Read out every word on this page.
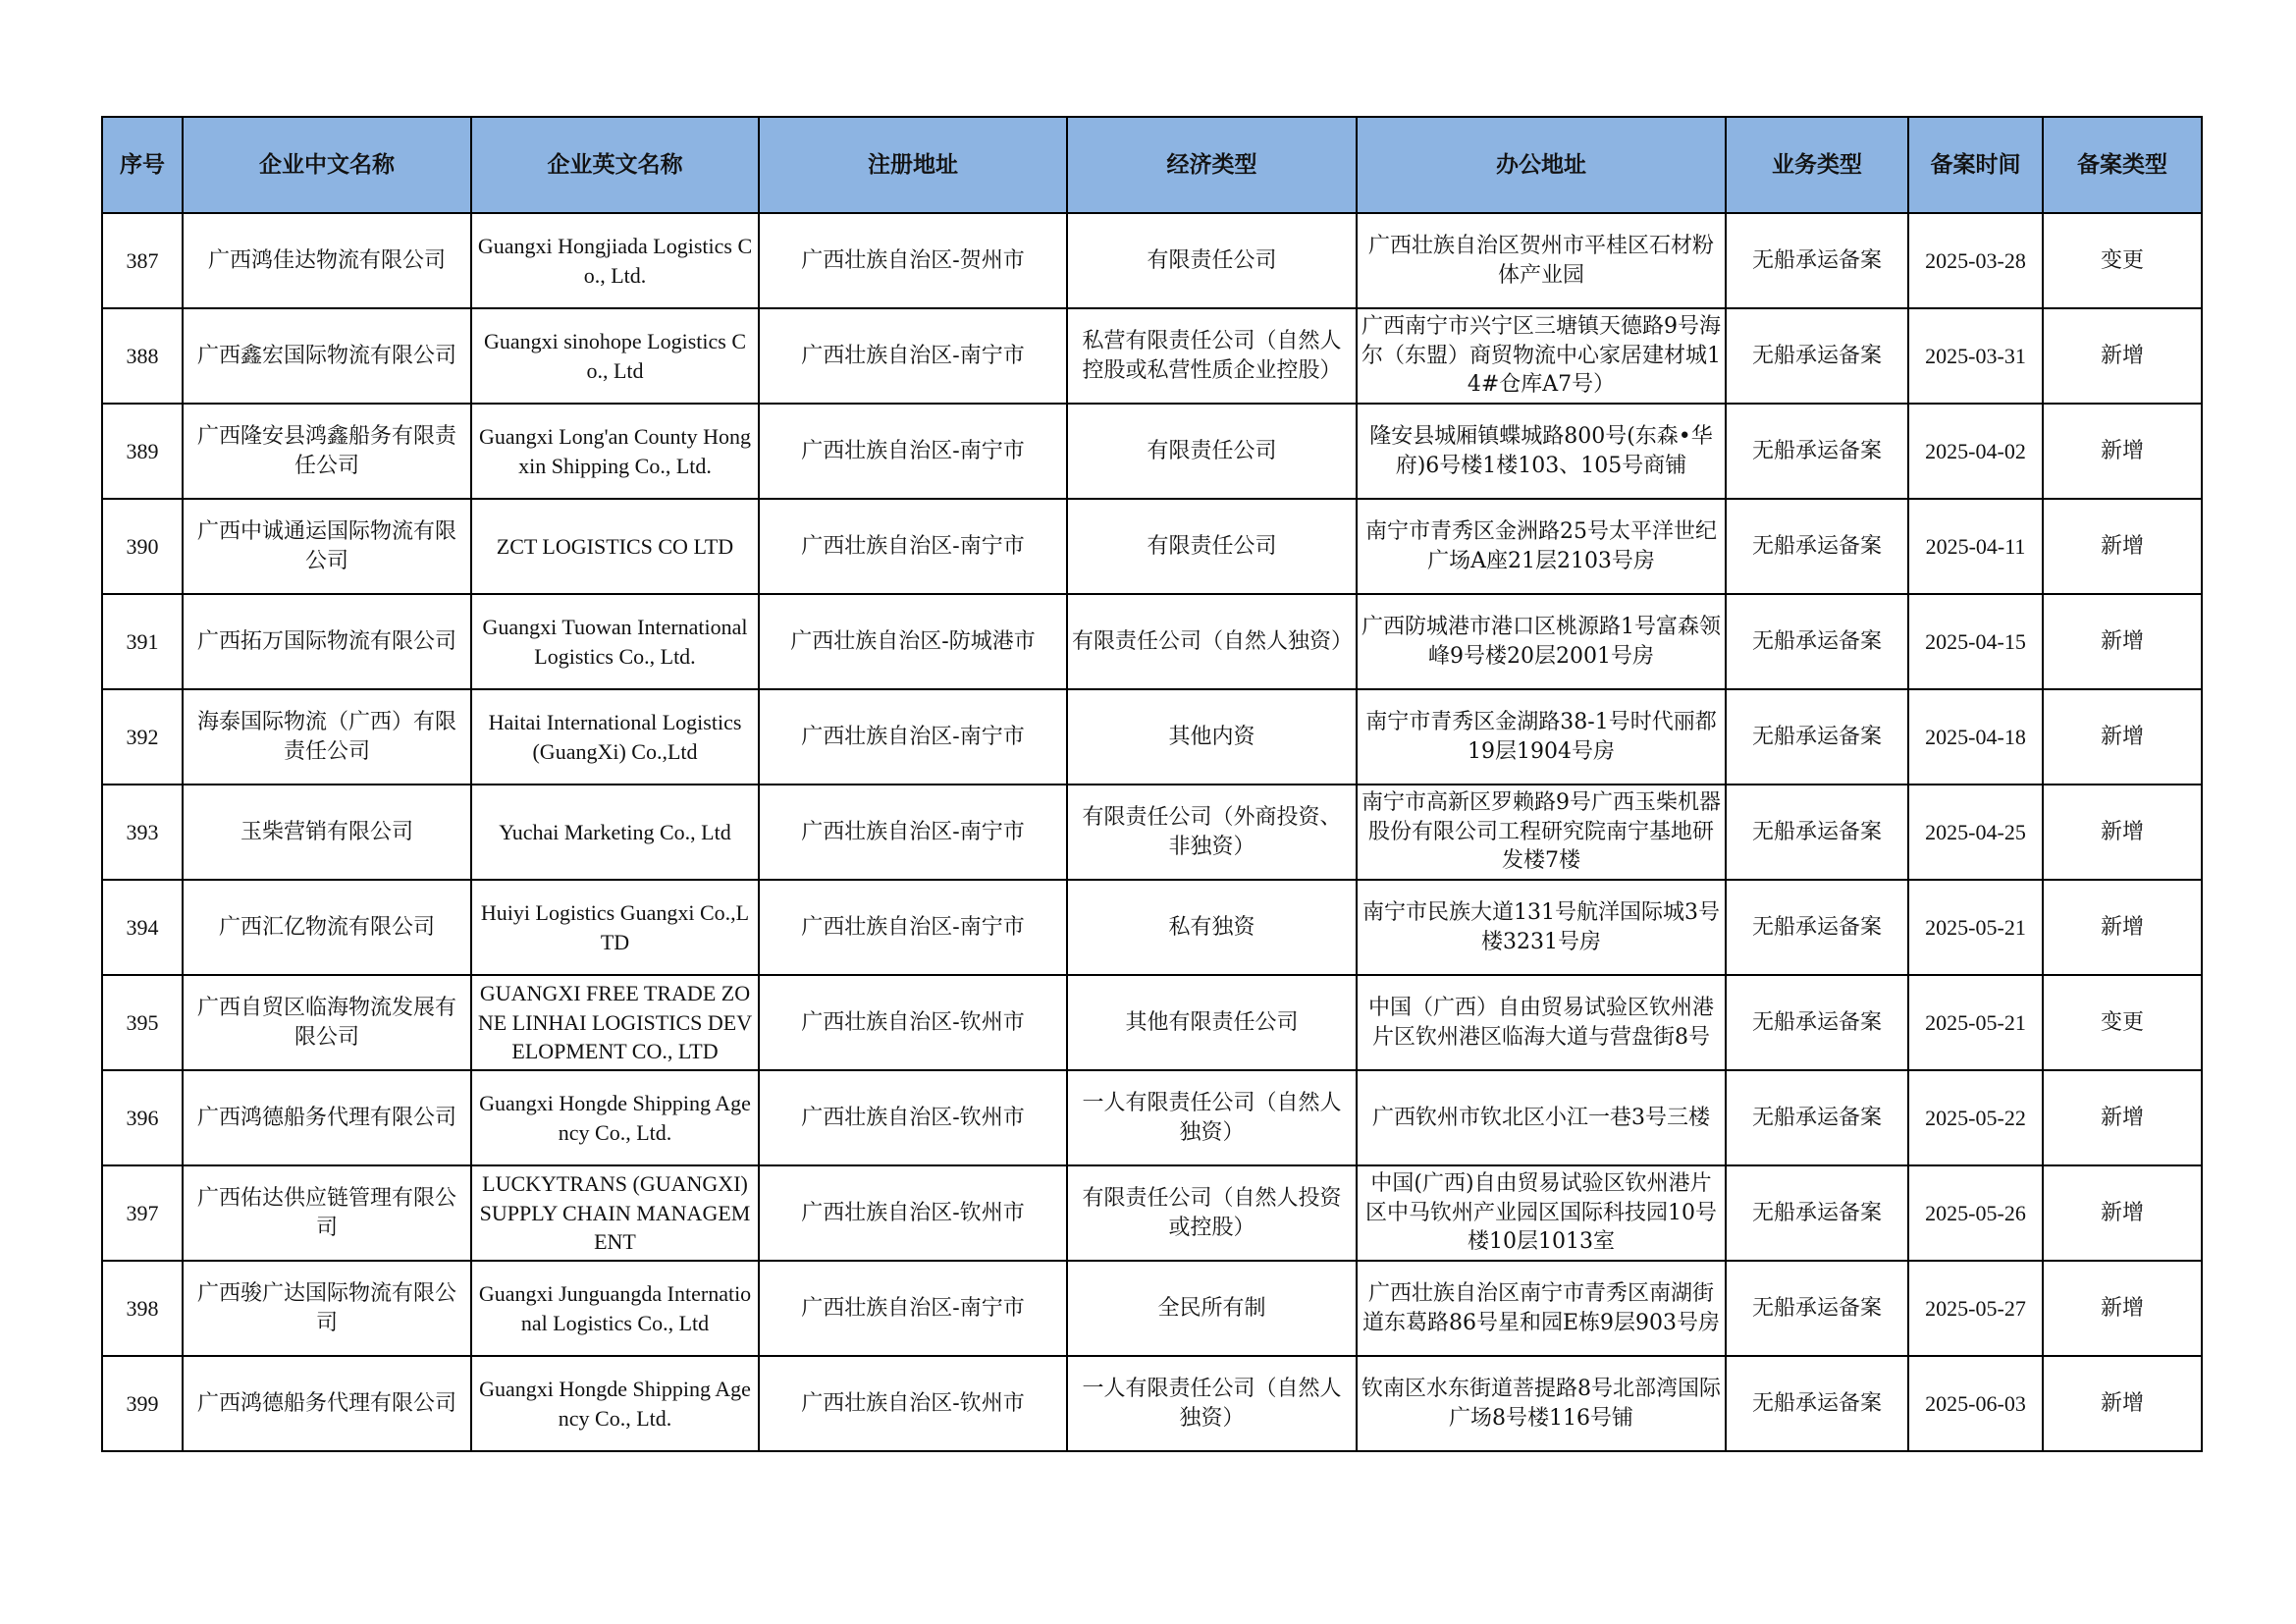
序号	企业中文名称	企业英文名称	注册地址	经济类型	办公地址	业务类型	备案时间	备案类型
387	广西鸿佳达物流有限公司	Guangxi Hongjiada Logistics Co., Ltd.	广西壮族自治区-贺州市	有限责任公司	广西壮族自治区贺州市平桂区石材粉体产业园	无船承运备案	2025-03-28	变更
388	广西鑫宏国际物流有限公司	Guangxi sinohope Logistics Co., Ltd	广西壮族自治区-南宁市	私营有限责任公司（自然人控股或私营性质企业控股）	广西南宁市兴宁区三塘镇天德路9号海尔（东盟）商贸物流中心家居建材城14#仓库A7号）	无船承运备案	2025-03-31	新增
389	广西隆安县鸿鑫船务有限责任公司	Guangxi Long'an County Hongxin Shipping Co., Ltd.	广西壮族自治区-南宁市	有限责任公司	隆安县城厢镇蝶城路800号(东森•华府)6号楼1楼103、105号商铺	无船承运备案	2025-04-02	新增
390	广西中诚通运国际物流有限公司	ZCT LOGISTICS CO LTD	广西壮族自治区-南宁市	有限责任公司	南宁市青秀区金洲路25号太平洋世纪广场A座21层2103号房	无船承运备案	2025-04-11	新增
391	广西拓万国际物流有限公司	Guangxi Tuowan International Logistics Co., Ltd.	广西壮族自治区-防城港市	有限责任公司（自然人独资）	广西防城港市港口区桃源路1号富森领峰9号楼20层2001号房	无船承运备案	2025-04-15	新增
392	海泰国际物流（广西）有限责任公司	Haitai International Logistics (GuangXi) Co.,Ltd	广西壮族自治区-南宁市	其他内资	南宁市青秀区金湖路38-1号时代丽都19层1904号房	无船承运备案	2025-04-18	新增
393	玉柴营销有限公司	Yuchai Marketing Co., Ltd	广西壮族自治区-南宁市	有限责任公司（外商投资、非独资）	南宁市高新区罗赖路9号广西玉柴机器股份有限公司工程研究院南宁基地研发楼7楼	无船承运备案	2025-04-25	新增
394	广西汇亿物流有限公司	Huiyi Logistics Guangxi Co.,LTD	广西壮族自治区-南宁市	私有独资	南宁市民族大道131号航洋国际城3号楼3231号房	无船承运备案	2025-05-21	新增
395	广西自贸区临海物流发展有限公司	GUANGXI FREE TRADE ZONE LINHAI LOGISTICS DEVELOPMENT CO., LTD	广西壮族自治区-钦州市	其他有限责任公司	中国（广西）自由贸易试验区钦州港片区钦州港区临海大道与营盘街8号	无船承运备案	2025-05-21	变更
396	广西鸿德船务代理有限公司	Guangxi Hongde Shipping Agency Co., Ltd.	广西壮族自治区-钦州市	一人有限责任公司（自然人独资）	广西钦州市钦北区小江一巷3号三楼	无船承运备案	2025-05-22	新增
397	广西佑达供应链管理有限公司	LUCKYTRANS (GUANGXI) SUPPLY CHAIN MANAGEMENT	广西壮族自治区-钦州市	有限责任公司（自然人投资或控股）	中国(广西)自由贸易试验区钦州港片区中马钦州产业园区国际科技园10号楼10层1013室	无船承运备案	2025-05-26	新增
398	广西骏广达国际物流有限公司	Guangxi Junguangda International Logistics Co., Ltd	广西壮族自治区-南宁市	全民所有制	广西壮族自治区南宁市青秀区南湖街道东葛路86号星和园E栋9层903号房	无船承运备案	2025-05-27	新增
399	广西鸿德船务代理有限公司	Guangxi Hongde Shipping Agency Co., Ltd.	广西壮族自治区-钦州市	一人有限责任公司（自然人独资）	钦南区水东街道菩提路8号北部湾国际广场8号楼116号铺	无船承运备案	2025-06-03	新增
